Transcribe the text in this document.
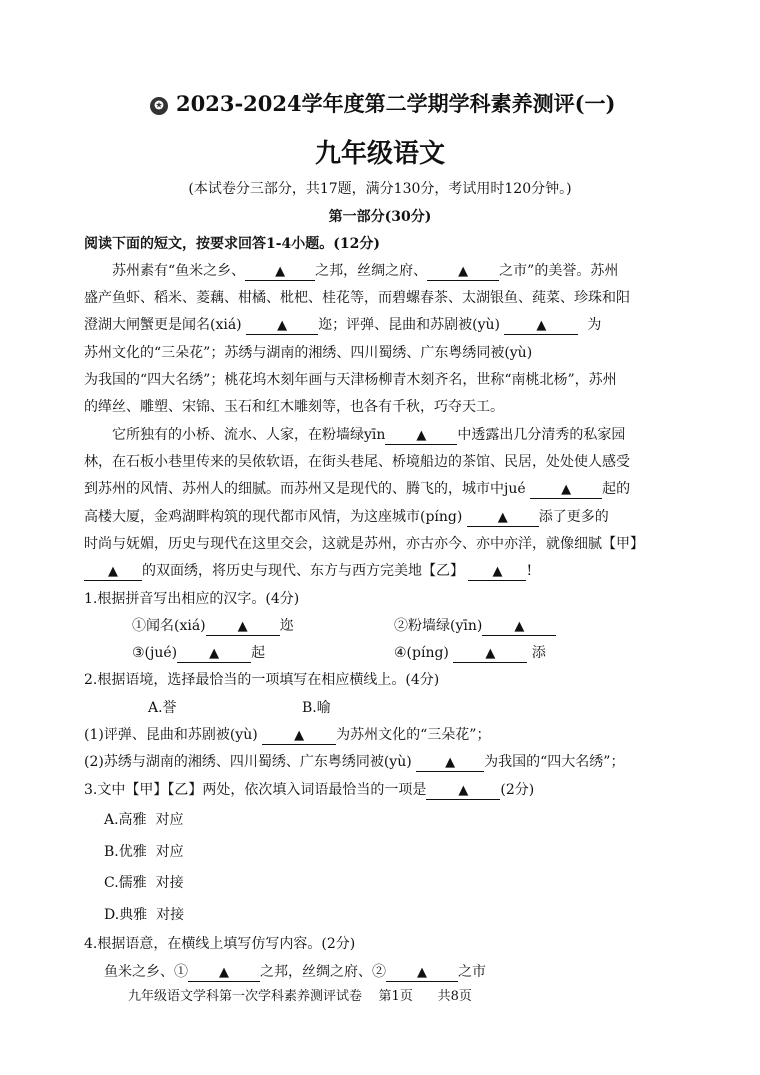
✪ 2023-2024学年度第二学期学科素养测评(一)
九年级语文
(本试卷分三部分，共17题，满分130分，考试用时120分钟。)
第一部分(30分)
阅读下面的短文，按要求回答1-4小题。(12分)
苏州素有“鱼米之乡、 ▲ 之邦，丝绸之府、 ▲ 之市”的美誉。苏州
盛产鱼虾、稻米、菱藕、柑橘、枇杷、桂花等，而碧螺春茶、太湖银鱼、莼菜、珍珠和阳
澄湖大闸蟹更是闻名(xiá)	▲ 迩；评弹、昆曲和苏剧被(yù)	▲	为
苏州文化的“三朵花”；苏绣与湖南的湘绣、四川蜀绣、广东粤绣同被(yù)
为我国的“四大名绣”；桃花坞木刻年画与天津杨柳青木刻齐名，世称“南桃北杨”，苏州
的缂丝、雕塑、宋锦、玉石和红木雕刻等，也各有千秋，巧夺天工。
它所独有的小桥、流水、人家，在粉墙绿yīn ▲ 中透露出几分清秀的私家园
林，在石板小巷里传来的吴侬软语，在街头巷尾、桥境船边的茶馆、民居，处处使人感受
到苏州的风情、苏州人的细腻。而苏州又是现代的、腾飞的，城市中jué	▲ 起的
高楼大厦，金鸡湖畔构筑的现代都市风情，为这座城市(píng)	▲ 添了更多的
时尚与妩媚，历史与现代在这里交会，这就是苏州，亦古亦今、亦中亦洋，就像细腻【甲】
▲ 的双面绣，将历史与现代、东方与西方完美地【乙】 ▲ !
1.根据拼音写出相应的汉字。(4分)
①闻名(xiá) ▲ 迩	②粉墙绿(yīn) ▲
③(jué) ▲ 起	④(píng)	▲	添
2.根据语境，选择最恰当的一项填写在相应横线上。(4分)
A.誉	B.喻
(1)评弹、昆曲和苏剧被(yù)	▲ 为苏州文化的“三朵花”；
(2)苏绣与湖南的湘绣、四川蜀绣、广东粤绣同被(yù)	▲ 为我国的“四大名绣”；
3.文中【甲】【乙】两处，依次填入词语最恰当的一项是 ▲ (2分)
A.高雅  对应
B.优雅  对应
C.儒雅  对接
D.典雅  对接
4.根据语意，在横线上填写仿写内容。(2分)
鱼米之乡、① ▲ 之邦，丝绸之府、② ▲ 之市
九年级语文学科第一次学科素养测评试卷 第1页 共8页
